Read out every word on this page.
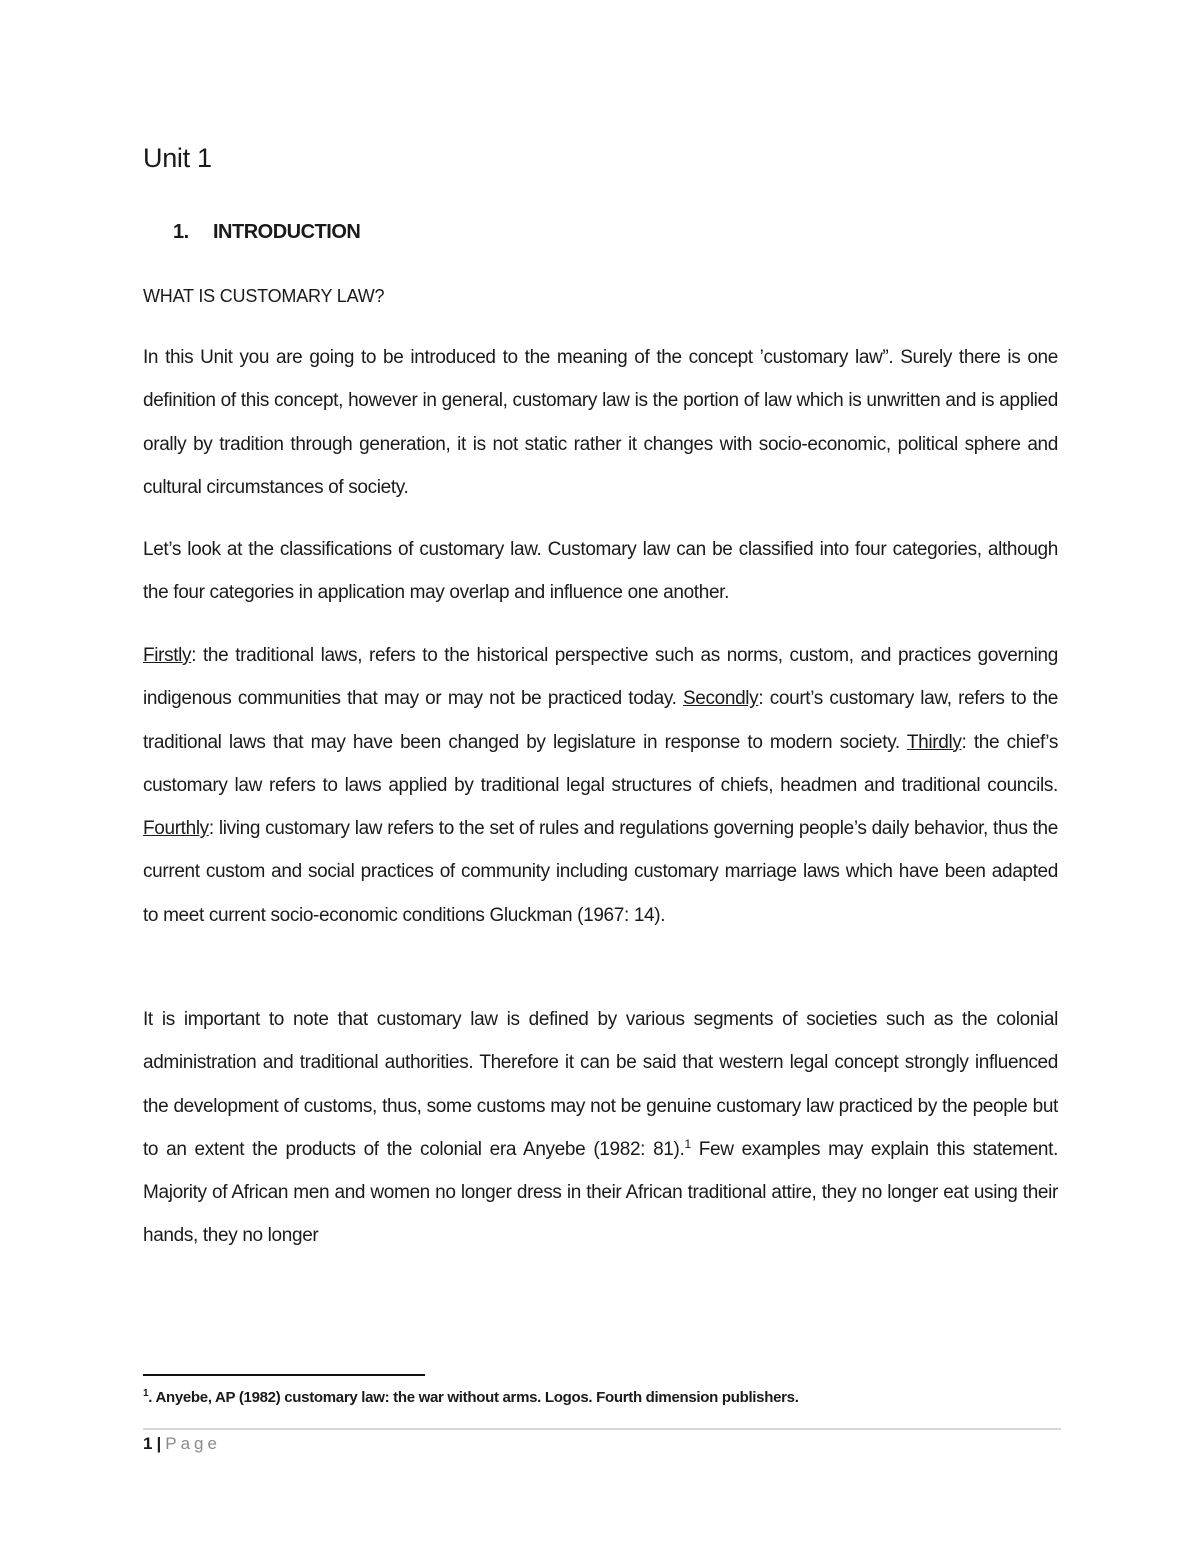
Unit 1
1. INTRODUCTION

WHAT IS CUSTOMARY LAW?

In this Unit you are going to be introduced to the meaning of the concept ’customary law”. Surely there is one definition of this concept, however in general, customary law is the portion of law which is unwritten and is applied orally by tradition through generation, it is not static rather it changes with socio-economic, political sphere and cultural circumstances of society.

Let’s look at the classifications of customary law. Customary law can be classified into four categories, although the four categories in application may overlap and influence one another.

Firstly: the traditional laws, refers to the historical perspective such as norms, custom, and practices governing indigenous communities that may or may not be practiced today. Secondly: court’s customary law, refers to the traditional laws that may have been changed by legislature in response to modern society. Thirdly: the chief’s customary law refers to laws applied by traditional legal structures of chiefs, headmen and traditional councils. Fourthly: living customary law refers to the set of rules and regulations governing people’s daily behavior, thus the current custom and social practices of community including customary marriage laws which have been adapted to meet current socio-economic conditions Gluckman (1967: 14).

It is important to note that customary law is defined by various segments of societies such as the colonial administration and traditional authorities. Therefore it can be said that western legal concept strongly influenced the development of customs, thus, some customs may not be genuine customary law practiced by the people but to an extent the products of the colonial era Anyebe (1982: 81).$^1$ Few examples may explain this statement. Majority of African men and women no longer dress in their African traditional attire, they no longer eat using their hands, they no longer

$^1$. Anyebe, AP (1982) customary law: the war without arms. Logos. Fourth dimension publishers.

1 | Page
